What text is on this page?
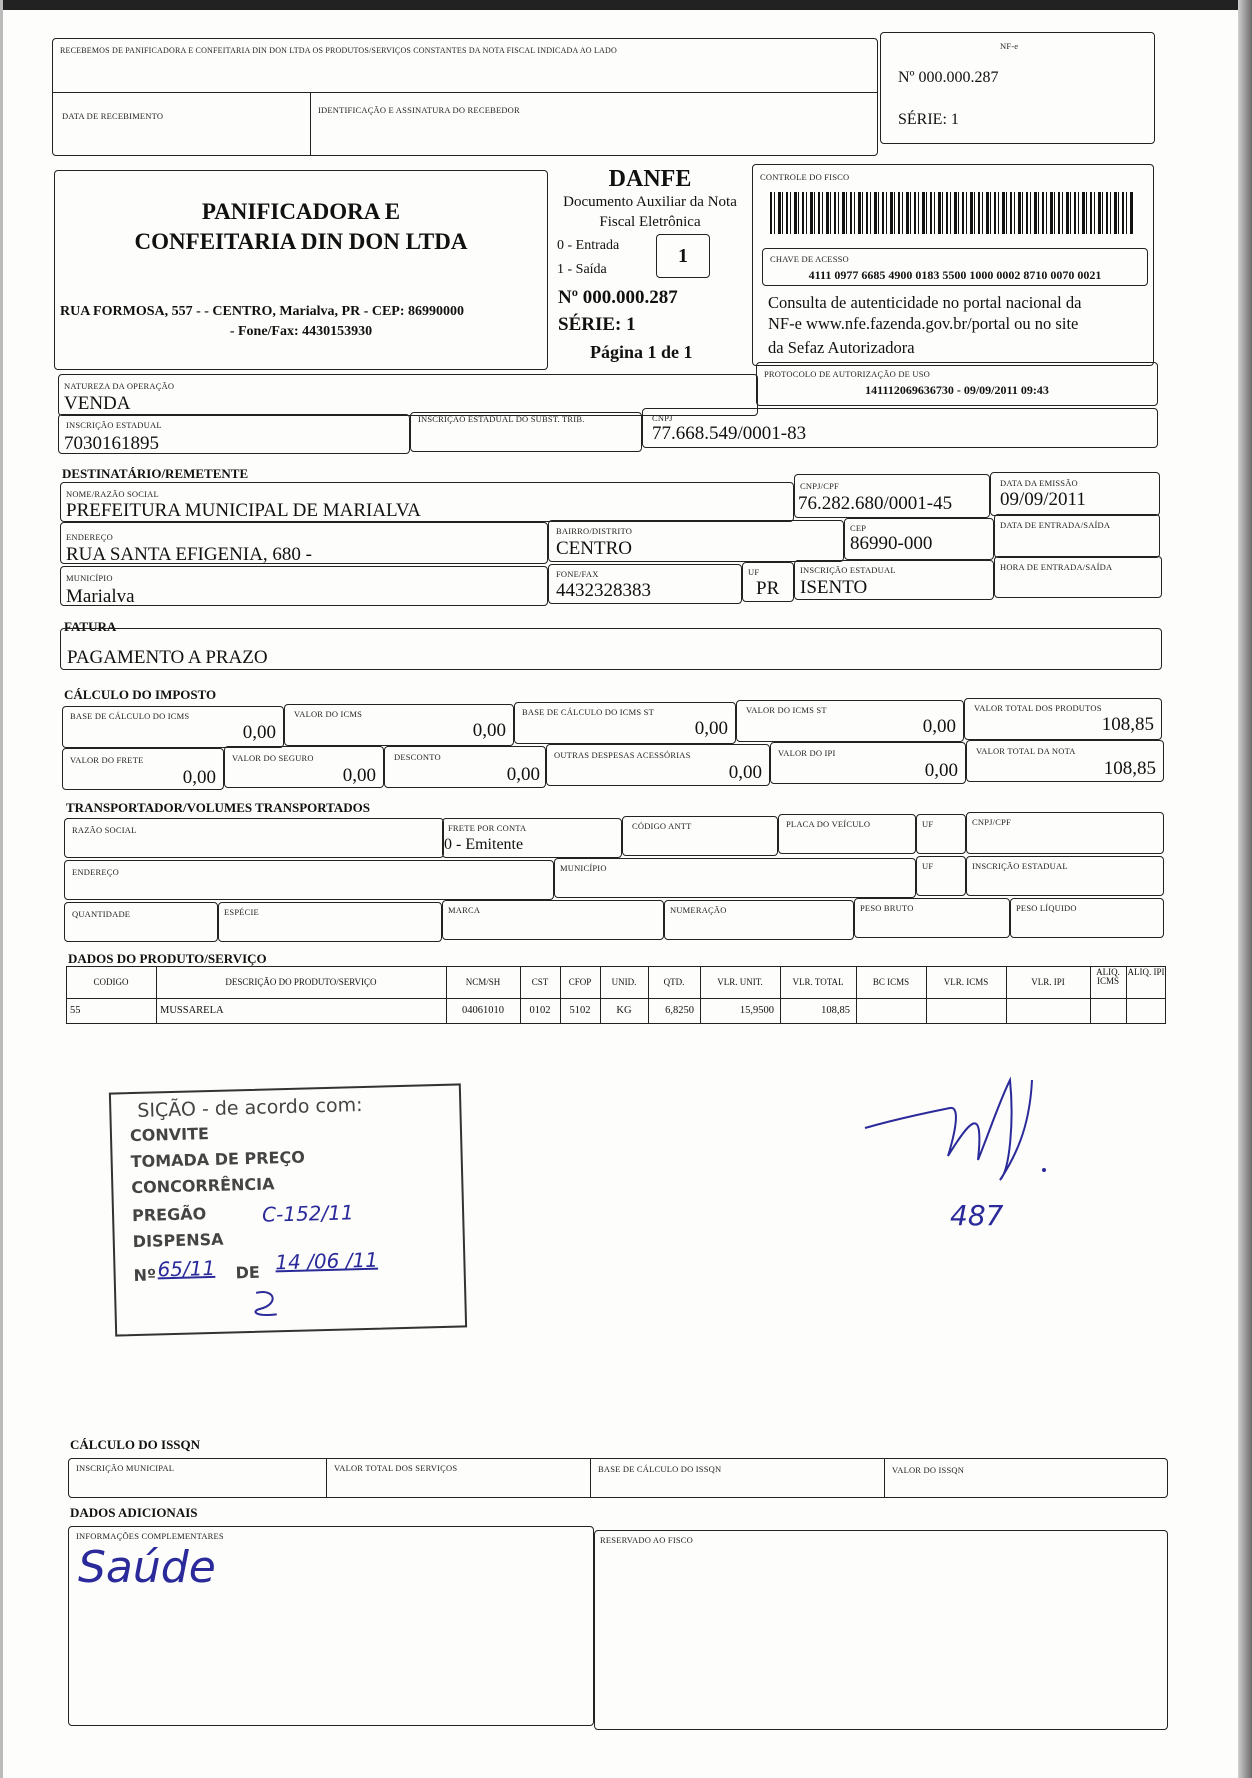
RECEBEMOS DE PANIFICADORA E CONFEITARIA DIN DON LTDA OS PRODUTOS/SERVIÇOS CONSTANTES DA NOTA FISCAL INDICADA AO LADO
DATA DE RECEBIMENTO
IDENTIFICAÇÃO E ASSINATURA DO RECEBEDOR
NF-e
Nº 000.000.287
SÉRIE: 1
PANIFICADORA E
CONFEITARIA DIN DON LTDA
RUA FORMOSA, 557 - - CENTRO, Marialva, PR - CEP: 86990000
- Fone/Fax: 4430153930
DANFE
Documento Auxiliar da Nota
Fiscal Eletrônica
0 - Entrada
1 - Saída
1
Nº 000.000.287
SÉRIE: 1
Página 1 de 1
CONTROLE DO FISCO
CHAVE DE ACESSO
4111 0977 6685 4900 0183 5500 1000 0002 8710 0070 0021
Consulta de autenticidade no portal nacional da
NF-e www.nfe.fazenda.gov.br/portal ou no site
da Sefaz Autorizadora
PROTOCOLO DE AUTORIZAÇÃO DE USO
141112069636730 - 09/09/2011 09:43
NATUREZA DA OPERAÇÃO
VENDA
INSCRIÇÃO ESTADUAL
7030161895
INSCRIÇÃO ESTADUAL DO SUBST. TRIB.	CNPJ
77.668.549/0001-83
DESTINATÁRIO/REMETENTE
NOME/RAZÃO SOCIAL
PREFEITURA MUNICIPAL DE MARIALVA
CNPJ/CPF
76.282.680/0001-45
DATA DA EMISSÃO
09/09/2011
ENDEREÇO
RUA SANTA EFIGENIA, 680 -
BAIRRO/DISTRITO
CENTRO
CEP
86990-000
DATA DE ENTRADA/SAÍDA
MUNICÍPIO
Marialva
FONE/FAX
4432328383
UF
PR
INSCRIÇÃO ESTADUAL
ISENTO
HORA DE ENTRADA/SAÍDA
FATURA
PAGAMENTO A PRAZO
CÁLCULO DO IMPOSTO
BASE DE CÁLCULO DO ICMS
0,00
VALOR DO ICMS
0,00
BASE DE CÁLCULO DO ICMS ST
0,00
VALOR DO ICMS ST
0,00
VALOR TOTAL DOS PRODUTOS
108,85
VALOR DO FRETE
0,00
VALOR DO SEGURO
0,00
DESCONTO
0,00
OUTRAS DESPESAS ACESSÓRIAS
0,00
VALOR DO IPI
0,00
VALOR TOTAL DA NOTA
108,85
TRANSPORTADOR/VOLUMES TRANSPORTADOS
RAZÃO SOCIAL	FRETE POR CONTA
0 - Emitente
CÓDIGO ANTT	PLACA DO VEÍCULO	UF	CNPJ/CPF
ENDEREÇO	MUNICÍPIO	UF	INSCRIÇÃO ESTADUAL
QUANTIDADE	ESPÉCIE	MARCA	NUMERAÇÃO	PESO BRUTO	PESO LÍQUIDO
DADOS DO PRODUTO/SERVIÇO
CODIGO	DESCRIÇÃO DO PRODUTO/SERVIÇO	NCM/SH	CST	CFOP	UNID.	QTD.	VLR. UNIT.	VLR. TOTAL	BC ICMS	VLR. ICMS	VLR. IPI
ALIQ. ICMS
ALIQ. IPI
55	MUSSARELA	04061010	0102	5102	KG	6,8250	15,9500	108,85
SIÇÃO - de acordo com:
CONVITE
TOMADA DE PREÇO
CONCORRÊNCIA
PREGÃO
DISPENSA
Nº	DE
C-152/11
65/11	14 /06 /11
487
CÁLCULO DO ISSQN
INSCRIÇÃO MUNICIPAL	VALOR TOTAL DOS SERVIÇOS	BASE DE CÁLCULO DO ISSQN	VALOR DO ISSQN
DADOS ADICIONAIS
INFORMAÇÕES COMPLEMENTARES
Saúde
RESERVADO AO FISCO
